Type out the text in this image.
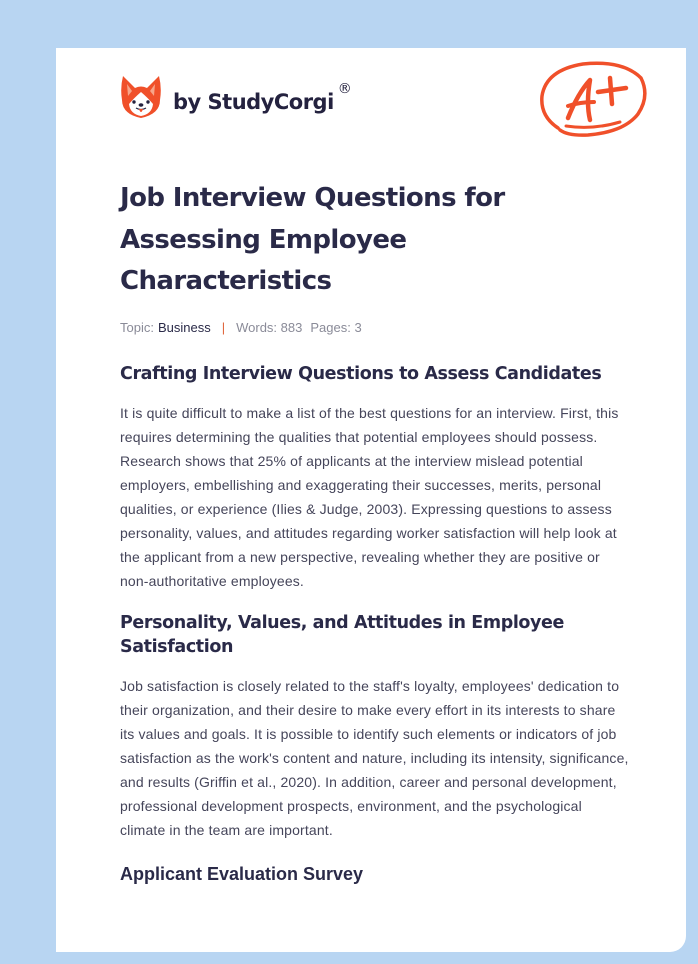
by StudyCorgi
®
Job Interview Questions for
Assessing Employee
Characteristics
Topic: Business | Words: 883 Pages: 3
Crafting Interview Questions to Assess Candidates

It is quite difficult to make a list of the best questions for an interview. First, this requires determining the qualities that potential employees should possess. Research shows that 25% of applicants at the interview mislead potential employers, embellishing and exaggerating their successes, merits, personal qualities, or experience (Ilies & Judge, 2003). Expressing questions to assess personality, values, and attitudes regarding worker satisfaction will help look at the applicant from a new perspective, revealing whether they are positive or non-authoritative employees.

Personality, Values, and Attitudes in Employee Satisfaction

Job satisfaction is closely related to the staff's loyalty, employees' dedication to their organization, and their desire to make every effort in its interests to share its values and goals. It is possible to identify such elements or indicators of job satisfaction as the work's content and nature, including its intensity, significance, and results (Griffin et al., 2020). In addition, career and personal development, professional development prospects, environment, and the psychological climate in the team are important.

Applicant Evaluation Survey
